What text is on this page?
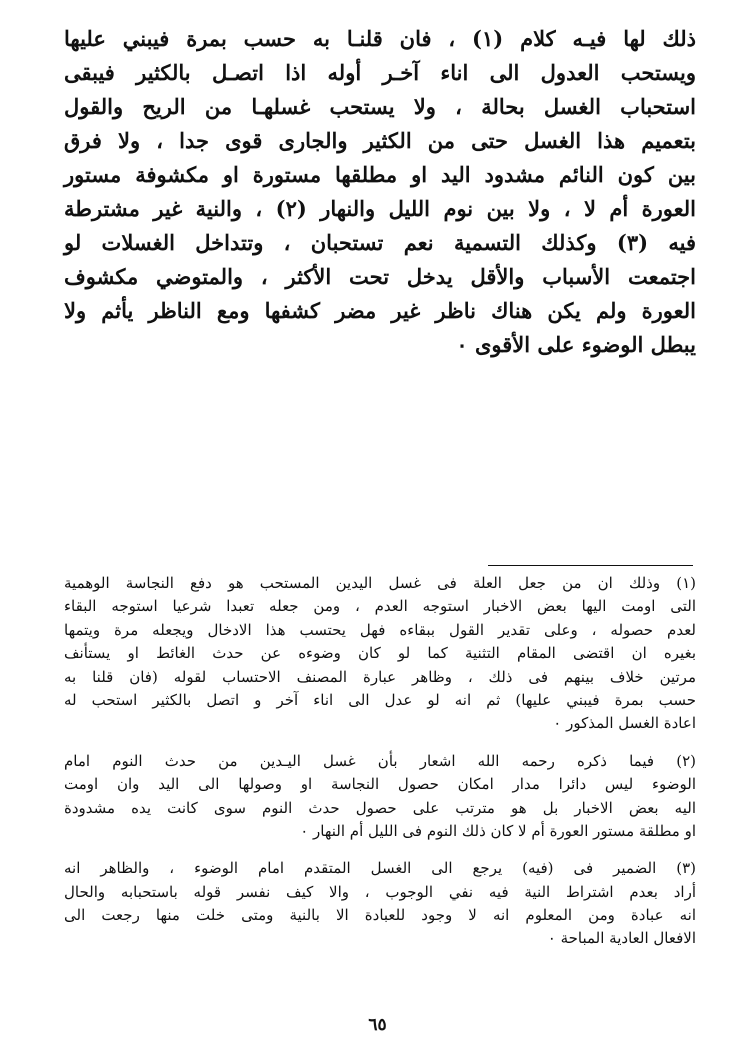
ذلك لها فيـه كلام (١) ، فان قلنـا به حسب بمرة فيبني عليها
ويستحب العدول الى اناء آخـر أوله اذا اتصـل بالكثير فيبقى
استحباب الغسل بحالة ، ولا يستحب غسلهـا من الريح والقول
بتعميم هذا الغسل حتى من الكثير والجارى قوى جدا ، ولا فرق
بين كون النائم مشدود اليد او مطلقها مستورة او مكشوفة مستور
العورة أم لا ، ولا بين نوم الليل والنهار (٢) ، والنية غير مشترطة
فيه (٣) وكذلك التسمية نعم تستحبان ، وتتداخل الغسلات لو
اجتمعت الأسباب والأقل يدخل تحت الأكثر ، والمتوضي مكشوف
العورة ولم يكن هناك ناظر غير مضر كشفها ومع الناظر يأثم ولا
يبطل الوضوء على الأقوى ٠
(١) وذلك ان من جعل العلة فى غسل اليدين المستحب هو دفع النجاسة الوهمية
التى اومت اليها بعض الاخبار استوجه العدم ، ومن جعله تعبدا شرعيا استوجه البقاء
لعدم حصوله ، وعلى تقدير القول ببقاءه فهل يحتسب هذا الادخال ويجعله مرة ويتمها
بغيره ان اقتضى المقام التثنية كما لو كان وضوءه عن حدث الغائط او يستأنف
مرتين خلاف بينهم فى ذلك ، وظاهر عبارة المصنف الاحتساب لقوله (فان قلنا به
حسب بمرة فيبني عليها) ثم انه لو عدل الى اناء آخر و اتصل بالكثير استحب له
اعادة الغسل المذكور ٠
(٢) فيما ذكره رحمه الله اشعار بأن غسل اليـدين من حدث النوم امام
الوضوء ليس دائرا مدار امكان حصول النجاسة او وصولها الى اليد وان اومت
اليه بعض الاخبار بل هو مترتب على حصول حدث النوم سوى كانت يده مشدودة
او مطلقة مستور العورة أم لا كان ذلك النوم فى الليل أم النهار ٠
(٣) الضمير فى (فيه) يرجع الى الغسل المتقدم امام الوضوء ، والظاهر انه
أراد بعدم اشتراط النية فيه نفي الوجوب ، والا كيف نفسر قوله باستحبابه والحال
انه عبادة ومن المعلوم انه لا وجود للعبادة الا بالنية ومتى خلت منها رجعت الى
الافعال العادية المباحة ٠
٦٥
